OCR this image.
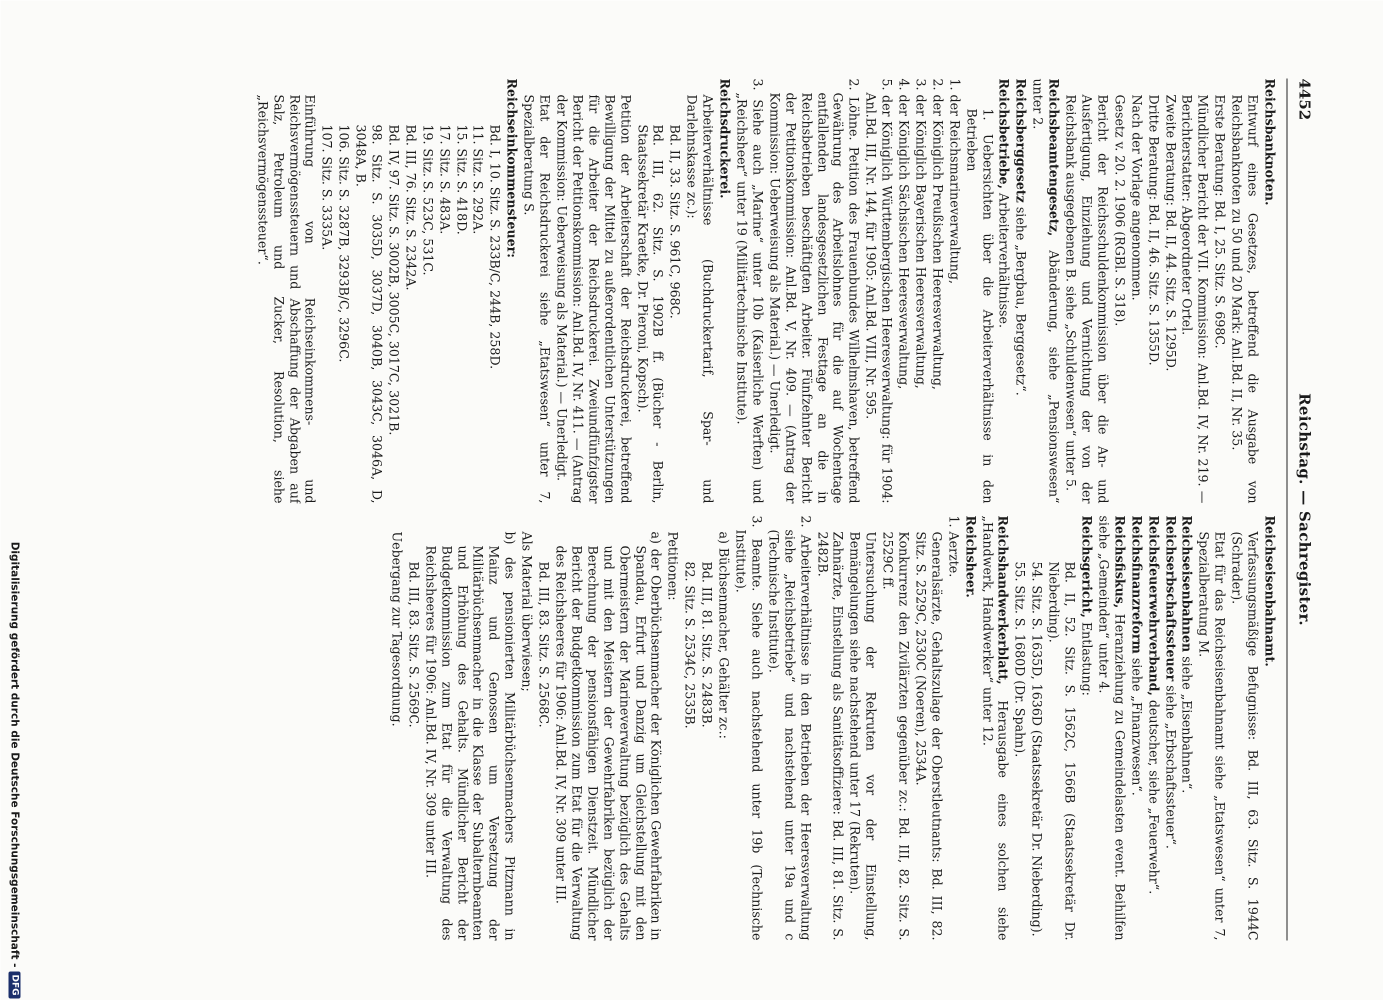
4452
Reichstag. — Sachregister.

Reichsbanknoten.

Entwurf eines Gesetzes, betreffend die Ausgabe von Reichsbanknoten zu 50 und 20 Mark: Anl.Bd. II, Nr. 35.

Erste Beratung: Bd. I, 25. Sitz. S. 698C.

Mündlicher Bericht der VII. Kommission: Anl.Bd. IV, Nr. 219. — Berichterstatter: Abgeordneter Ortel.

Zweite Beratung: Bd. II, 44. Sitz. S. 1295D.

Dritte Beratung: Bd. II, 46. Sitz. S. 1355D.

Nach der Vorlage angenommen.

Gesetz v. 20. 2. 1906 (RGBl. S. 318).

Bericht der Reichsschuldenkommission über die An- und Ausfertigung, Einziehung und Vernichtung der von der Reichsbank ausgegebenen B. siehe „Schuldenwesen“ unter 5.

Reichsbeamtengesetz, Abänderung, siehe „Pensionswesen“ unter 2.

Reichsberggesetz siehe „Bergbau, Berggesetz“.

Reichsbetriebe, Arbeiterverhältnisse.

1. Uebersichten über die Arbeiterverhältnisse in den Betrieben

1. der Reichsmarineverwaltung,

2. der Königlich Preußischen Heeresverwaltung,

3. der Königlich Bayerischen Heeresverwaltung,

4. der Königlich Sächsischen Heeresverwaltung,

5. der Königlich Württembergischen Heeresverwaltung: für 1904: Anl.Bd. III, Nr. 144, für 1905: Anl.Bd. VIII, Nr. 595.

2. Löhne. Petition des Frauenbundes Wilhelmshaven, betreffend Gewährung des Arbeitslohnes für die auf Wochentage entfallenden landesgesetzlichen Festtage an die in Reichsbetrieben beschäftigten Arbeiter. Fünfzehnter Bericht der Petitionskommission: Anl.Bd. V, Nr. 409. — (Antrag der Kommission: Ueberweisung als Material.) — Unerledigt.

3. Siehe auch „Marine“ unter 10b (Kaiserliche Werften) und „Reichsheer“ unter 19 (Militärtechnische Institute).

Reichsdruckerei.

Arbeiterverhältnisse (Buchdruckertarif, Spar- und Darlehnskasse zc.):

Bd. II, 33. Sitz. S. 961C, 968C.

Bd. III, 62. Sitz. S. 1902B ff. (Bücher - Berlin, Staatssekretär Kraetke, Dr. Pieroni, Kopsch).

Petition der Arbeiterschaft der Reichsdruckerei, betreffend Bewilligung der Mittel zu außerordentlichen Unterstützungen für die Arbeiter der Reichsdruckerei. Zweiundfünfzigster Bericht der Petitionskommission: Anl.Bd. IV, Nr. 411. — (Antrag der Kommission: Ueberweisung als Material.) — Unerledigt.

Etat der Reichsdruckerei siehe „Etatswesen“ unter 7, Spezialberatung S.

Reichseinkommensteuer:

Bd. I, 10. Sitz. S. 233B/C, 244B, 258D.

11. Sitz. S. 292A.

15. Sitz. S. 418D.

17. Sitz. S. 483A.

19. Sitz. S. 523C, 531C.

Bd. III, 76. Sitz. S. 2342A.

Bd. IV, 97. Sitz. S. 3002B, 3005C, 3017C, 3021B.

98. Sitz. S. 3035D, 3037D, 3040B, 3043C, 3046A, D, 3048A, B.

106. Sitz. S. 3287B, 3293B/C, 3296C.

107. Sitz. S. 3335A.

Einführung von Reichseinkommens- und Reichsvermögenssteuern und Abschaffung der Abgaben auf Salz, Petroleum und Zucker, Resolution, siehe „Reichsvermögenssteuer“.

Reichseisenbahnamt.

Verfassungsmäßige Befugnisse: Bd. III, 63. Sitz. S. 1944C (Schrader).

Etat für das Reichseisenbahnamt siehe „Etatswesen“ unter 7, Spezialberatung M.

Reichseisenbahnen siehe „Eisenbahnen“.

Reichserbschaftssteuer siehe „Erbschaftssteuer“.

Reichsfeuerwehrverband, deutscher, siehe „Feuerwehr“.

Reichsfinanzreform siehe „Finanzwesen“.

Reichsfiskus, Heranziehung zu Gemeindelasten event. Beihilfen siehe „Gemeinden“ unter 4.

Reichsgericht, Entlastung:

Bd. II, 52. Sitz. S. 1562C, 1566B (Staatssekretär Dr. Nieberding).

54. Sitz. S. 1635D, 1636D (Staatssekretär Dr. Nieberding).

55. Sitz. S. 1680D (Dr. Spahn).

Reichshandwerkerblatt, Herausgabe eines solchen siehe „Handwerk, Handwerker“ unter 12.

Reichsheer.

1. Aerzte.

Generalsärzte, Gehaltszulage der Oberstleutnants: Bd. III, 82. Sitz. S. 2529C, 2530C (Noeren), 2534A.

Konkurrenz den Zivilärzten gegenüber zc.: Bd. III, 82. Sitz. S. 2529C ff.

Untersuchung der Rekruten vor der Einstellung, Bemängelungen siehe nachstehend unter 17 (Rekruten).

Zahnärzte, Einstellung als Sanitätsoffiziere: Bd. III, 81. Sitz. S. 2482B.

2. Arbeiterverhältnisse in den Betrieben der Heeresverwaltung siehe „Reichsbetriebe“ und nachstehend unter 19a und c (Technische Institute).

3. Beamte. Siehe auch nachstehend unter 19b (Technische Institute).

a) Büchsenmacher, Gehälter zc.:

Bd. III, 81. Sitz. S. 2483B.

82. Sitz. S. 2534C, 2535B.

Petitionen:

a) der Oberbüchsenmacher der Königlichen Gewehrfabriken in Spandau, Erfurt und Danzig um Gleichstellung mit den Obermeistern der Marineverwaltung bezüglich des Gehalts und mit den Meistern der Gewehrfabriken bezüglich der Berechnung der pensionsfähigen Dienstzeit. Mündlicher Bericht der Budgetkommission zum Etat für die Verwaltung des Reichsheeres für 1906: Anl.Bd. IV, Nr. 309 unter III.

Bd. III, 83. Sitz. S. 2568C.

Als Material überwiesen;

b) des pensionierten Militärbüchsenmachers Pitzmann in Mainz und Genossen um Versetzung der Militärbüchsenmacher in die Klasse der Subalternbeamten und Erhöhung des Gehalts. Mündlicher Bericht der Budgetkommission zum Etat für die Verwaltung des Reichsheeres für 1906: Anl.Bd. IV, Nr. 309 unter III.

Bd. III, 83. Sitz. S. 2569C.

Uebergang zur Tagesordnung.

Digitalisierung gefördert durch die Deutsche Forschungsgemeinschaft -
DFG
